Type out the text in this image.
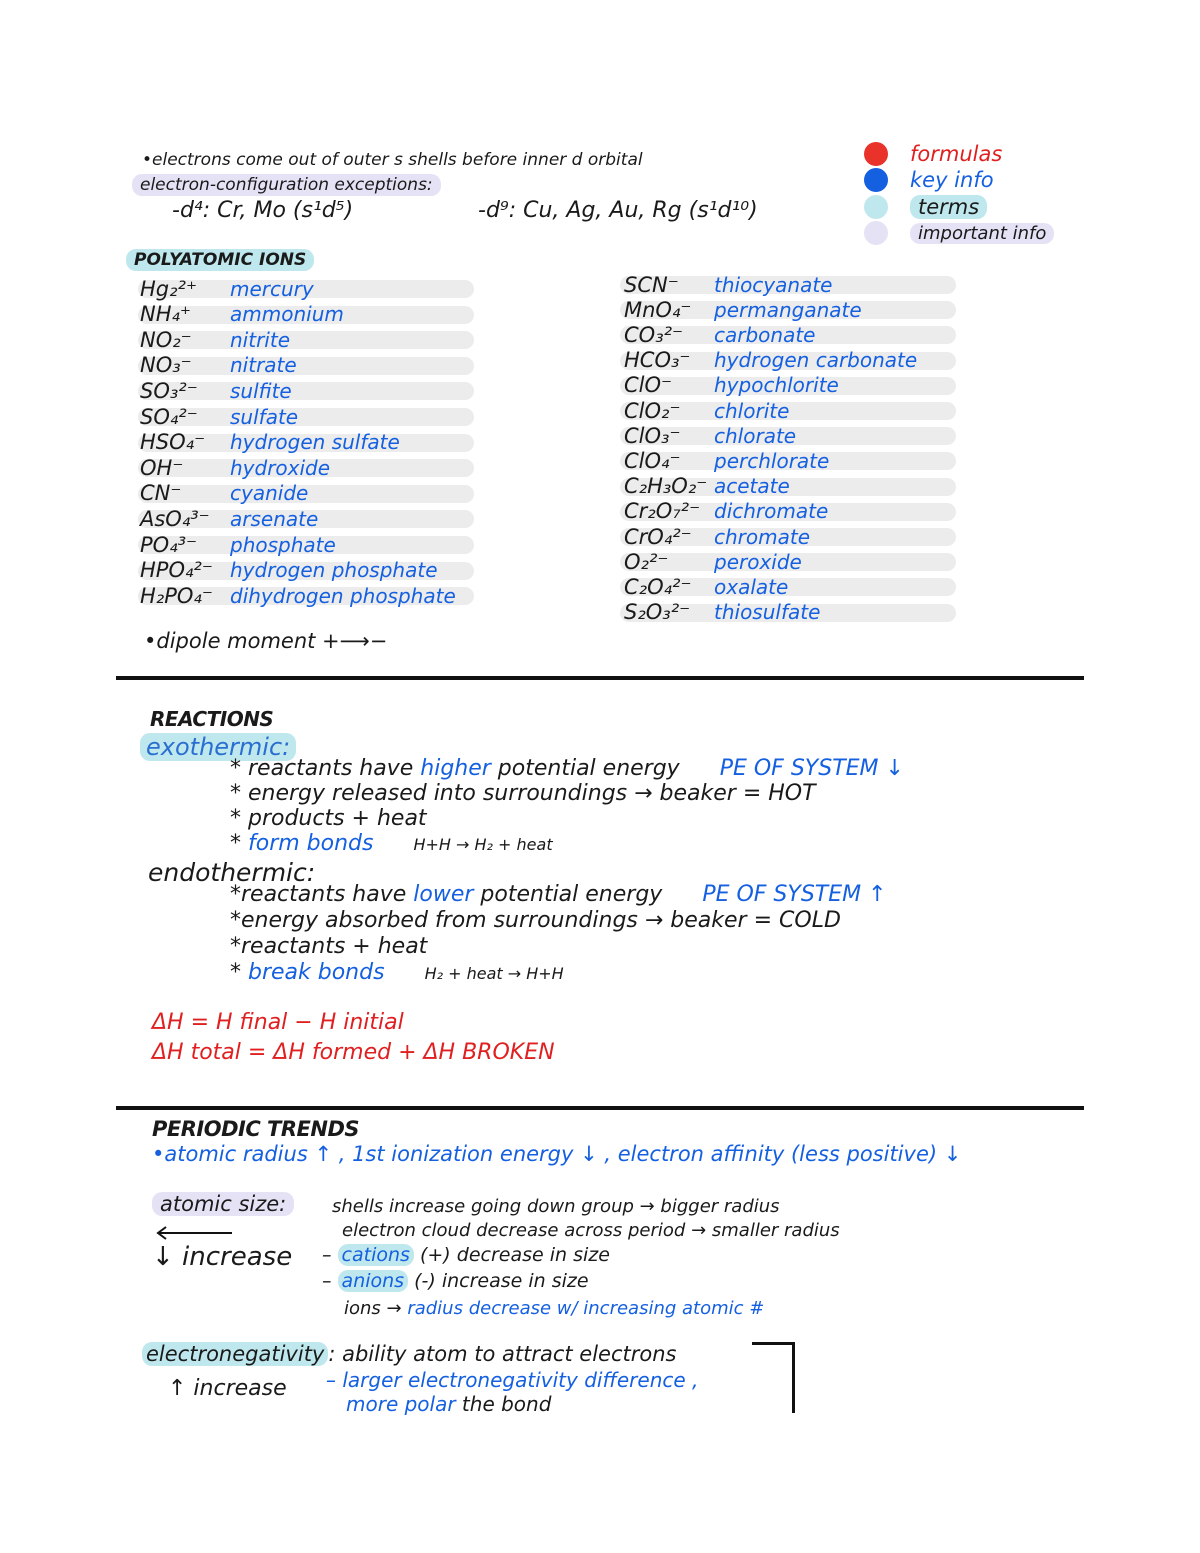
•electrons come out of outer s shells before inner d orbital
electron-configuration exceptions:
-d⁴: Cr, Mo (s¹d⁵)	-d⁹: Cu, Ag, Au, Rg (s¹d¹⁰)
formulas
key info
terms
important info
POLYATOMIC IONS
Hg₂²⁺	mercury
NH₄⁺	ammonium
NO₂⁻	nitrite
NO₃⁻	nitrate
SO₃²⁻	sulfite
SO₄²⁻	sulfate
HSO₄⁻	hydrogen sulfate
OH⁻	hydroxide
CN⁻	cyanide
AsO₄³⁻	arsenate
PO₄³⁻	phosphate
HPO₄²⁻ hydrogen phosphate
H₂PO₄⁻ dihydrogen phosphate
SCN⁻	thiocyanate
MnO₄⁻	permanganate
CO₃²⁻	carbonate
HCO₃⁻	hydrogen carbonate
ClO⁻	hypochlorite
ClO₂⁻	chlorite
ClO₃⁻	chlorate
ClO₄⁻	perchlorate
C₂H₃O₂⁻ acetate
Cr₂O₇²⁻ dichromate
CrO₄²⁻	chromate
O₂²⁻	peroxide
C₂O₄²⁻	oxalate
S₂O₃²⁻	thiosulfate
•dipole moment +⟶−
REACTIONS
exothermic:
* reactants have higher potential energy PE OF SYSTEM ↓
* energy released into surroundings → beaker = HOT
* products + heat
* form bonds	H+H → H₂ + heat
endothermic:
*reactants have lower potential energy PE OF SYSTEM ↑
*energy absorbed from surroundings → beaker = COLD
*reactants + heat
* break bonds	H₂ + heat → H+H
ΔH = H final − H initial
ΔH total = ΔH formed + ΔH BROKEN
PERIODIC TRENDS
•atomic radius ↑ , 1st ionization energy ↓ , electron affinity (less positive) ↓
atomic size:	shells increase going down group → bigger radius
electron cloud decrease across period → smaller radius
↓ increase – cations (+) decrease in size
– anions (-) increase in size
ions → radius decrease w/ increasing atomic #
electronegativity : ability atom to attract electrons
↑ increase – larger electronegativity difference ,
more polar the bond
